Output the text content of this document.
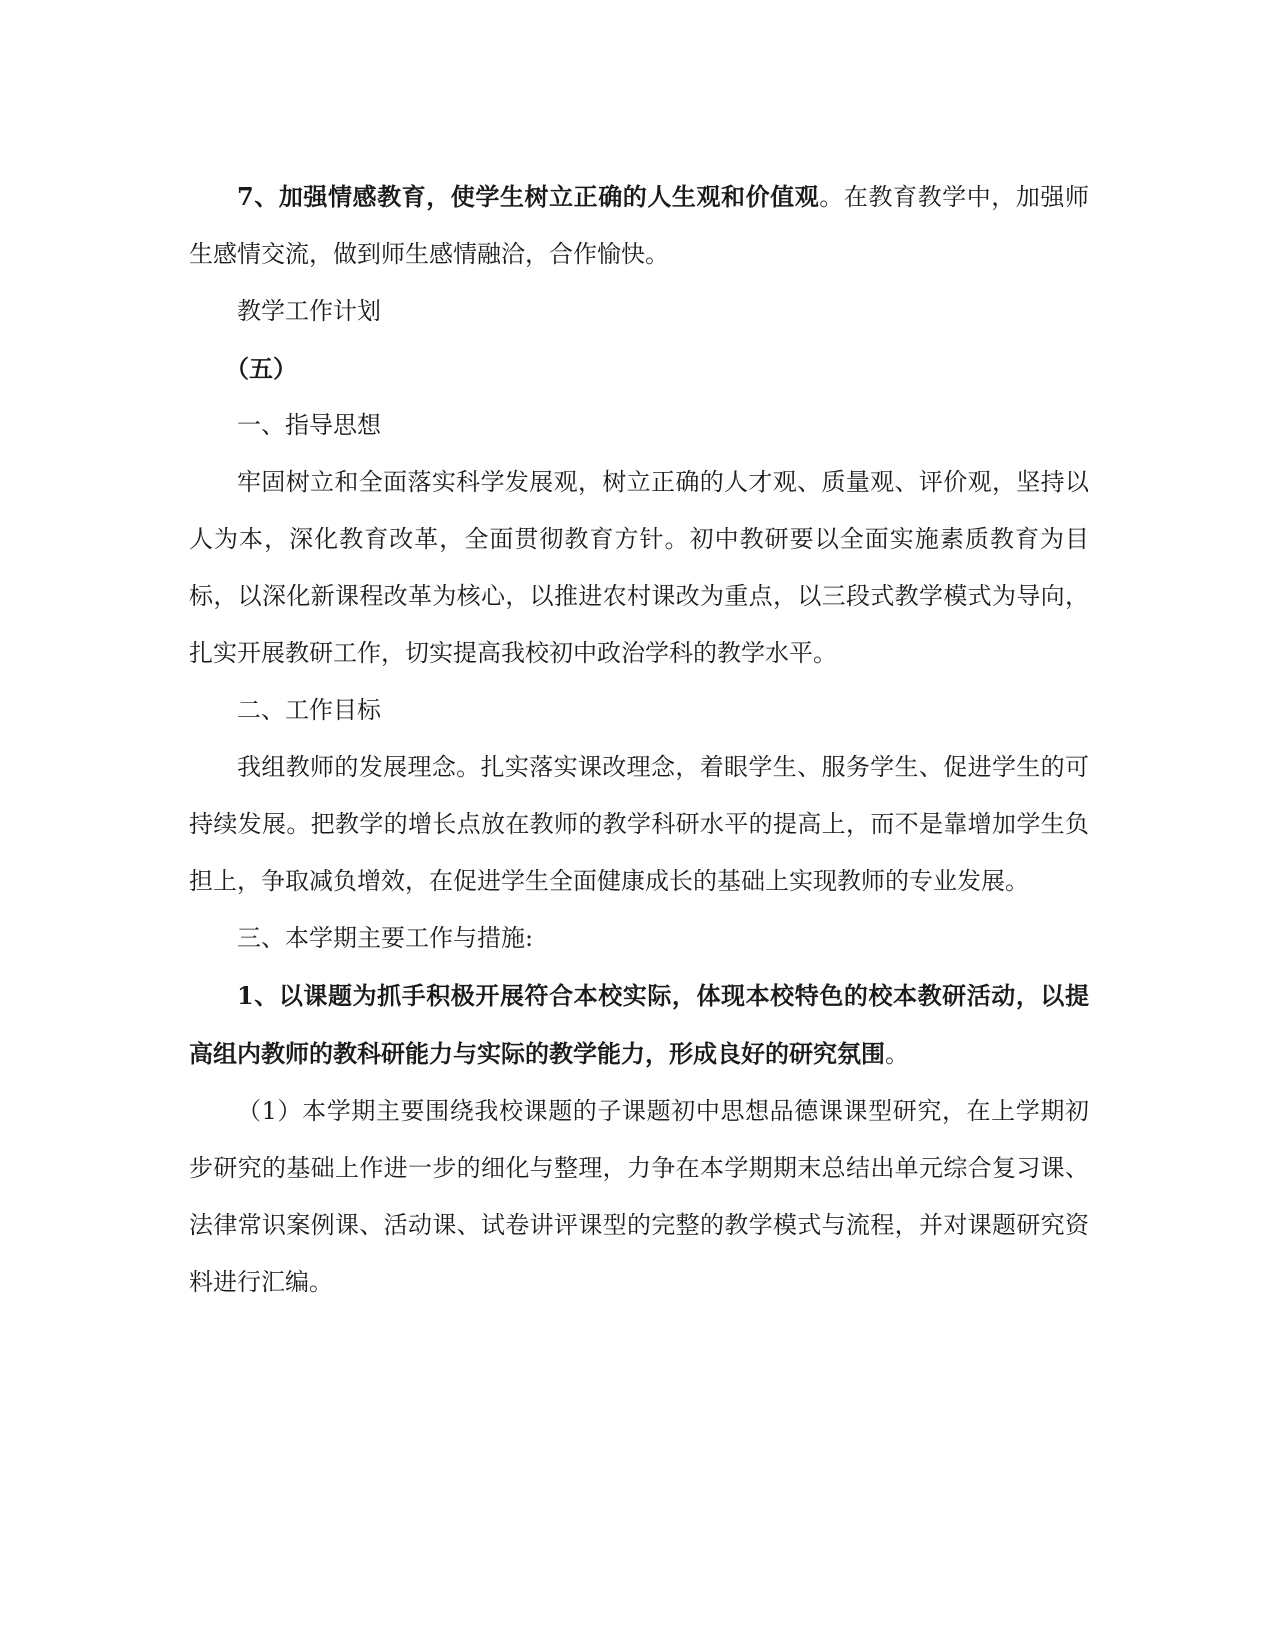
7、加强情感教育，使学生树立正确的人生观和价值观。在教育教学中，加强师生感情交流，做到师生感情融洽，合作愉快。

教学工作计划

（五）

一、指导思想

牢固树立和全面落实科学发展观，树立正确的人才观、质量观、评价观，坚持以人为本，深化教育改革，全面贯彻教育方针。初中教研要以全面实施素质教育为目标，以深化新课程改革为核心，以推进农村课改为重点，以三段式教学模式为导向，扎实开展教研工作，切实提高我校初中政治学科的教学水平。

二、工作目标

我组教师的发展理念。扎实落实课改理念，着眼学生、服务学生、促进学生的可持续发展。把教学的增长点放在教师的教学科研水平的提高上，而不是靠增加学生负担上，争取减负增效，在促进学生全面健康成长的基础上实现教师的专业发展。

三、本学期主要工作与措施:

1、以课题为抓手积极开展符合本校实际，体现本校特色的校本教研活动，以提高组内教师的教科研能力与实际的教学能力，形成良好的研究氛围。

（1）本学期主要围绕我校课题的子课题初中思想品德课课型研究，在上学期初步研究的基础上作进一步的细化与整理，力争在本学期期末总结出单元综合复习课、法律常识案例课、活动课、试卷讲评课型的完整的教学模式与流程，并对课题研究资料进行汇编。
